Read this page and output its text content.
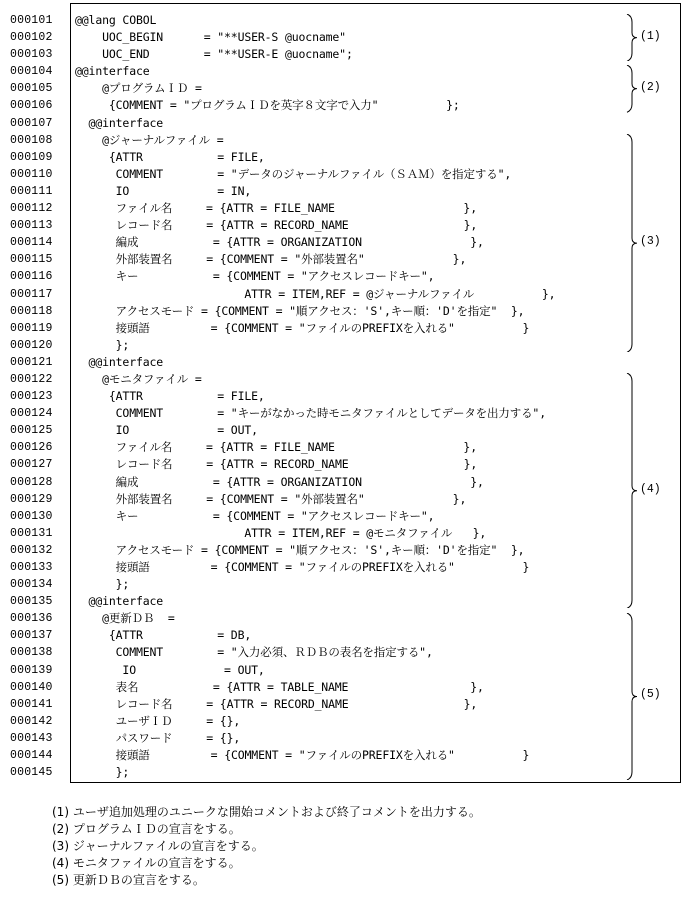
000101
000102
000103
000104
000105
000106
000107
000108
000109
000110
000111
000112
000113
000114
000115
000116
000117
000118
000119
000120
000121
000122
000123
000124
000125
000126
000127
000128
000129
000130
000131
000132
000133
000134
000135
000136
000137
000138
000139
000140
000141
000142
000143
000144
000145
@@lang COBOL
UOC_BEGIN      = "**USER-S @uocname"
UOC_END        = "**USER-E @uocname";
@@interface
@プログラムＩＤ =
{COMMENT = "プログラムＩＤを英字８文字で入力"          };
@@interface
@ジャーナルファイル =
{ATTR           = FILE,
COMMENT        = "データのジャーナルファイル（ＳＡＭ）を指定する",
IO             = IN,
ファイル名     = {ATTR = FILE_NAME                   },
レコード名     = {ATTR = RECORD_NAME                 },
編成           = {ATTR = ORGANIZATION                },
外部装置名     = {COMMENT = "外部装置名"             },
キー           = {COMMENT = "アクセスレコードキー",
ATTR = ITEM,REF = @ジャーナルファイル          },
アクセスモード = {COMMENT = "順アクセス：'S',キー順：'D'を指定"  },
接頭語         = {COMMENT = "ファイルのPREFIXを入れる"          }
};
@@interface
@モニタファイル =
{ATTR           = FILE,
COMMENT        = "キーがなかった時モニタファイルとしてデータを出力する",
IO             = OUT,
ファイル名     = {ATTR = FILE_NAME                   },
レコード名     = {ATTR = RECORD_NAME                 },
編成           = {ATTR = ORGANIZATION                },
外部装置名     = {COMMENT = "外部装置名"             },
キー           = {COMMENT = "アクセスレコードキー",
ATTR = ITEM,REF = @モニタファイル   },
アクセスモード = {COMMENT = "順アクセス：'S',キー順：'D'を指定"  },
接頭語         = {COMMENT = "ファイルのPREFIXを入れる"          }
};
@@interface
@更新ＤＢ  =
{ATTR           = DB,
COMMENT        = "入力必須、ＲＤＢの表名を指定する",
IO             = OUT,
表名           = {ATTR = TABLE_NAME                  },
レコード名     = {ATTR = RECORD_NAME                 },
ユーザＩＤ     = {},
パスワード     = {},
接頭語         = {COMMENT = "ファイルのPREFIXを入れる"          }
};
(1)
(2)
(3)
(4)
(5)
(1) ユーザ追加処理のユニークな開始コメントおよび終了コメントを出力する。
(2) プログラムＩＤの宣言をする。
(3) ジャーナルファイルの宣言をする。
(4) モニタファイルの宣言をする。
(5) 更新ＤＢの宣言をする。
